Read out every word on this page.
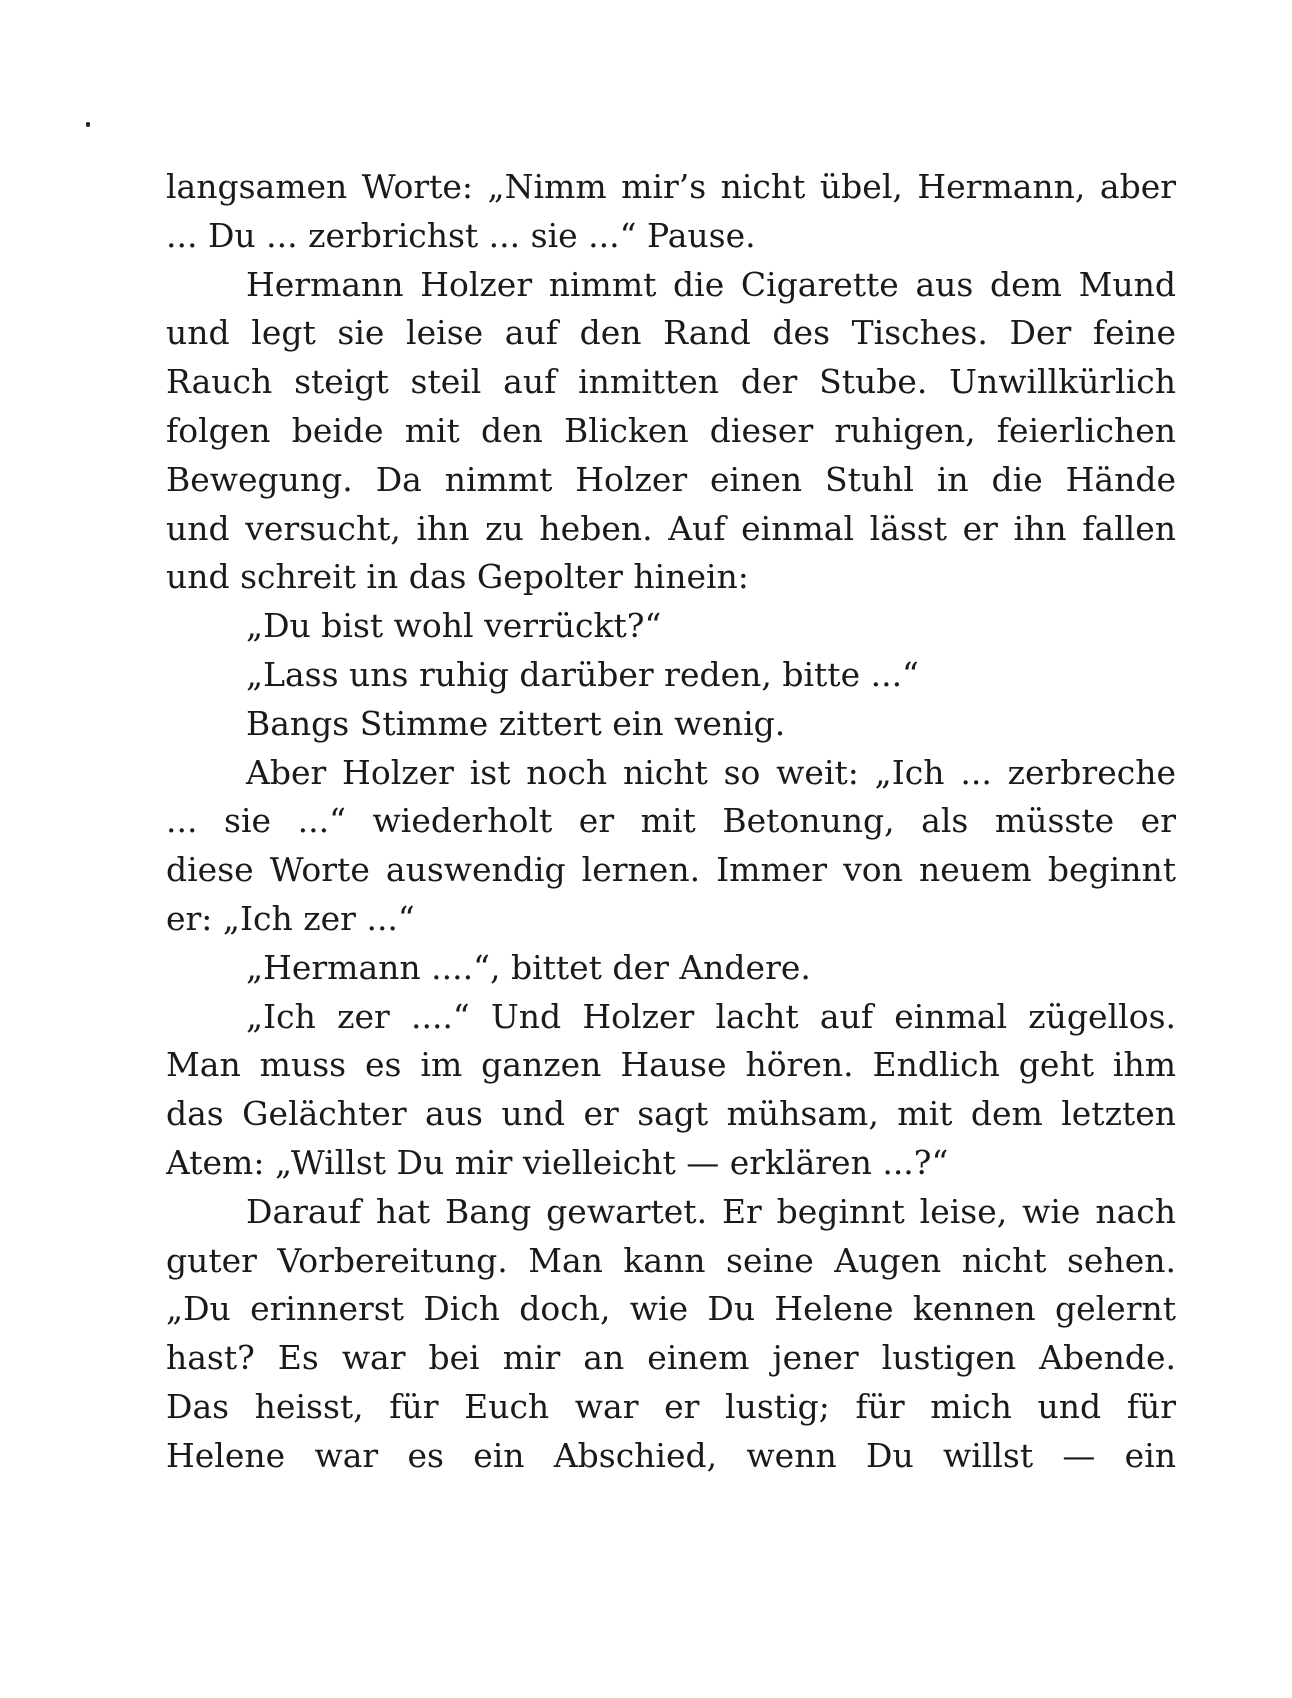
langsamen Worte: „Nimm mir’s nicht übel, Hermann, aber
... Du ... zerbrichst ... sie ...“ Pause.
Hermann Holzer nimmt die Cigarette aus dem Mund
und legt sie leise auf den Rand des Tisches. Der feine
Rauch steigt steil auf inmitten der Stube. Unwillkürlich
folgen beide mit den Blicken dieser ruhigen, feierlichen
Bewegung. Da nimmt Holzer einen Stuhl in die Hände
und versucht, ihn zu heben. Auf einmal lässt er ihn fallen
und schreit in das Gepolter hinein:
„Du bist wohl verrückt?“
„Lass uns ruhig darüber reden, bitte ...“
Bangs Stimme zittert ein wenig.
Aber Holzer ist noch nicht so weit: „Ich ... zerbreche
... sie ...“ wiederholt er mit Betonung, als müsste er
diese Worte auswendig lernen. Immer von neuem beginnt
er: „Ich zer ...“
„Hermann ....“, bittet der Andere.
„Ich zer ....“ Und Holzer lacht auf einmal zügellos.
Man muss es im ganzen Hause hören. Endlich geht ihm
das Gelächter aus und er sagt mühsam, mit dem letzten
Atem: „Willst Du mir vielleicht — erklären ...?“
Darauf hat Bang gewartet. Er beginnt leise, wie nach
guter Vorbereitung. Man kann seine Augen nicht sehen.
„Du erinnerst Dich doch, wie Du Helene kennen gelernt
hast? Es war bei mir an einem jener lustigen Abende.
Das heisst, für Euch war er lustig; für mich und für
Helene war es ein Abschied, wenn Du willst — ein
